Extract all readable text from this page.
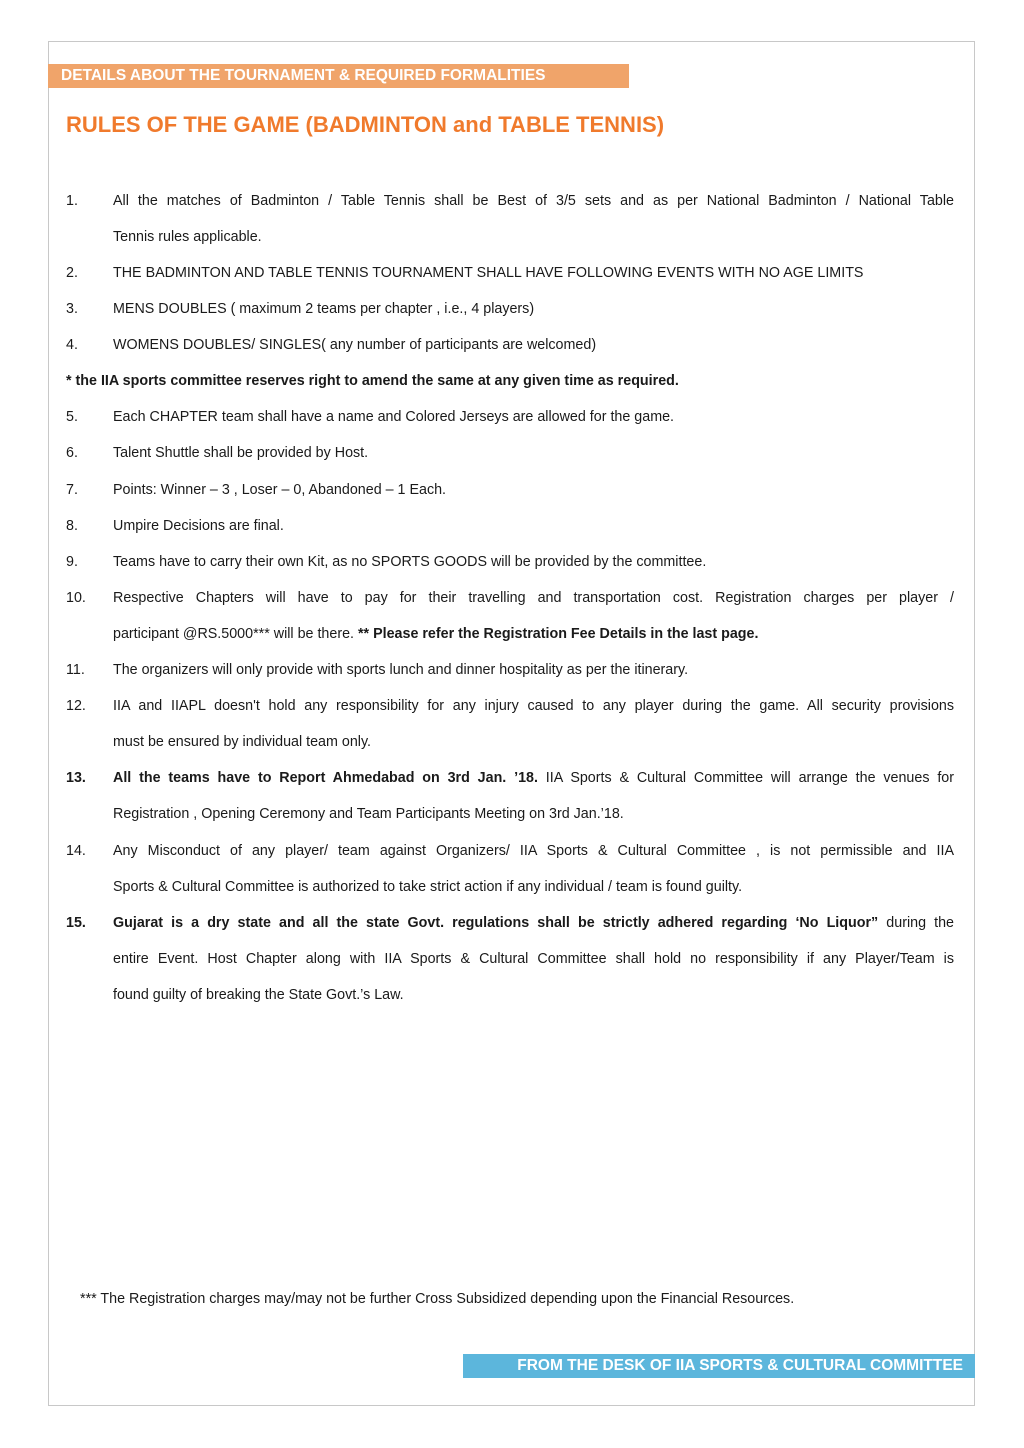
DETAILS ABOUT THE TOURNAMENT & REQUIRED FORMALITIES
RULES OF THE GAME (BADMINTON and TABLE TENNIS)
1. All the matches of Badminton / Table Tennis shall be Best of 3/5 sets and as per National Badminton / National Table
Tennis rules applicable.
2. THE BADMINTON AND TABLE TENNIS TOURNAMENT SHALL HAVE FOLLOWING EVENTS WITH NO AGE LIMITS
3. MENS DOUBLES ( maximum 2 teams per chapter , i.e., 4 players)
4. WOMENS DOUBLES/ SINGLES( any number of participants are welcomed)
* the IIA sports committee reserves right to amend the same at any given time as required.
5. Each CHAPTER team shall have a name and Colored Jerseys are allowed for the game.
6. Talent Shuttle shall be provided by Host.
7. Points: Winner – 3 , Loser – 0, Abandoned – 1 Each.
8. Umpire Decisions are final.
9. Teams have to carry their own Kit, as no SPORTS GOODS will be provided by the committee.
10. Respective Chapters will have to pay for their travelling and transportation cost. Registration charges per player /
participant @RS.5000*** will be there. ** Please refer the Registration Fee Details in the last page.
11. The organizers will only provide with sports lunch and dinner hospitality as per the itinerary.
12. IIA and IIAPL doesn't hold any responsibility for any injury caused to any player during the game. All security provisions
must be ensured by individual team only.
13. All the teams have to Report Ahmedabad on 3rd Jan. ’18. IIA Sports & Cultural Committee will arrange the venues for
Registration , Opening Ceremony and Team Participants Meeting on 3rd Jan.’18.
14. Any Misconduct of any player/ team against Organizers/ IIA Sports & Cultural Committee , is not permissible and IIA
Sports & Cultural Committee is authorized to take strict action if any individual / team is found guilty.
15. Gujarat is a dry state and all the state Govt. regulations shall be strictly adhered regarding ‘No Liquor” during the
entire Event. Host Chapter along with IIA Sports & Cultural Committee shall hold no responsibility if any Player/Team is
found guilty of breaking the State Govt.’s Law.
*** The Registration charges may/may not be further Cross Subsidized depending upon the Financial Resources.
FROM THE DESK OF IIA SPORTS & CULTURAL COMMITTEE
